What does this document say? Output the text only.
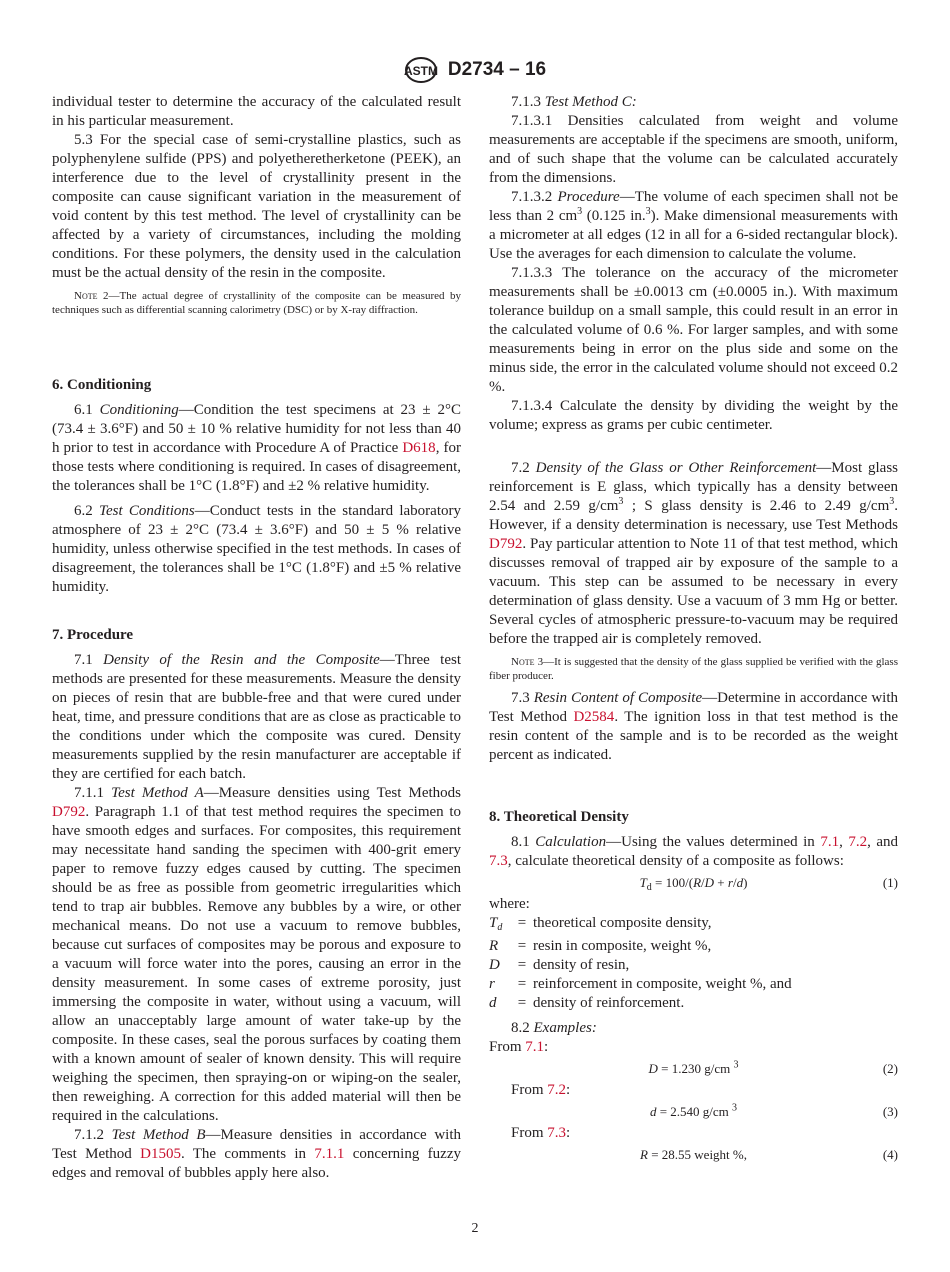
ASTM D2734 – 16

individual tester to determine the accuracy of the calculated result in his particular measurement.

5.3 For the special case of semi-crystalline plastics, such as polyphenylene sulfide (PPS) and polyetheretherketone (PEEK), an interference due to the level of crystallinity present in the composite can cause significant variation in the measurement of void content by this test method. The level of crystallinity can be affected by a variety of circumstances, including the molding conditions. For these polymers, the density used in the calculation must be the actual density of the resin in the composite.

Note 2—The actual degree of crystallinity of the composite can be measured by techniques such as differential scanning calorimetry (DSC) or by X-ray diffraction.

6. Conditioning

6.1 Conditioning—Condition the test specimens at 23 ± 2°C (73.4 ± 3.6°F) and 50 ± 10 % relative humidity for not less than 40 h prior to test in accordance with Procedure A of Practice D618, for those tests where conditioning is required. In cases of disagreement, the tolerances shall be 1°C (1.8°F) and ±2 % relative humidity.

6.2 Test Conditions—Conduct tests in the standard laboratory atmosphere of 23 ± 2°C (73.4 ± 3.6°F) and 50 ± 5 % relative humidity, unless otherwise specified in the test methods. In cases of disagreement, the tolerances shall be 1°C (1.8°F) and ±5 % relative humidity.

7. Procedure

7.1 Density of the Resin and the Composite—Three test methods are presented for these measurements. Measure the density on pieces of resin that are bubble-free and that were cured under heat, time, and pressure conditions that are as close as practicable to the conditions under which the composite was cured. Density measurements supplied by the resin manufacturer are acceptable if they are certified for each batch.

7.1.1 Test Method A—Measure densities using Test Methods D792. Paragraph 1.1 of that test method requires the specimen to have smooth edges and surfaces. For composites, this requirement may necessitate hand sanding the specimen with 400-grit emery paper to remove fuzzy edges caused by cutting. The specimen should be as free as possible from geometric irregularities which tend to trap air bubbles. Remove any bubbles by a wire, or other mechanical means. Do not use a vacuum to remove bubbles, because cut surfaces of composites may be porous and exposure to a vacuum will force water into the pores, causing an error in the density measurement. In some cases of extreme porosity, just immersing the composite in water, without using a vacuum, will allow an unacceptably large amount of water take-up by the composite. In these cases, seal the porous surfaces by coating them with a known amount of sealer of known density. This will require weighing the specimen, then spraying-on or wiping-on the sealer, then reweighing. A correction for this added material will then be required in the calculations.

7.1.2 Test Method B—Measure densities in accordance with Test Method D1505. The comments in 7.1.1 concerning fuzzy edges and removal of bubbles apply here also.

7.1.3 Test Method C:

7.1.3.1 Densities calculated from weight and volume measurements are acceptable if the specimens are smooth, uniform, and of such shape that the volume can be calculated accurately from the dimensions.

7.1.3.2 Procedure—The volume of each specimen shall not be less than 2 $cm^3$ (0.125 in.$^3$). Make dimensional measurements with a micrometer at all edges (12 in all for a 6-sided rectangular block). Use the averages for each dimension to calculate the volume.

7.1.3.3 The tolerance on the accuracy of the micrometer measurements shall be ±0.0013 cm (±0.0005 in.). With maximum tolerance buildup on a small sample, this could result in an error in the calculated volume of 0.6 %. For larger samples, and with some measurements being in error on the plus side and some on the minus side, the error in the calculated volume should not exceed 0.2 %.

7.1.3.4 Calculate the density by dividing the weight by the volume; express as grams per cubic centimeter.

7.2 Density of the Glass or Other Reinforcement—Most glass reinforcement is E glass, which typically has a density between 2.54 and 2.59 $g/cm^3$ ; S glass density is 2.46 to 2.49 $g/cm^3$. However, if a density determination is necessary, use Test Methods D792. Pay particular attention to Note 11 of that test method, which discusses removal of trapped air by exposure of the sample to a vacuum. This step can be assumed to be necessary in every determination of glass density. Use a vacuum of 3 mm Hg or better. Several cycles of atmospheric pressure-to-vacuum may be required before the trapped air is completely removed.

Note 3—It is suggested that the density of the glass supplied be verified with the glass fiber producer.

7.3 Resin Content of Composite—Determine in accordance with Test Method D2584. The ignition loss in that test method is the resin content of the sample and is to be recorded as the weight percent as indicated.

8. Theoretical Density

8.1 Calculation—Using the values determined in 7.1, 7.2, and 7.3, calculate theoretical density of a composite as follows:

$T_d = 100/(R/D + r/d)$	(1)

where:

$T_d$	=	theoretical composite density,
R	=	resin in composite, weight %,
D	=	density of resin,
r	=	reinforcement in composite, weight %, and
d	=	density of reinforcement.

8.2 Examples:

From 7.1:

D = 1.230 g/cm $^3$	(2)

From 7.2:

d = 2.540 g/cm $^3$	(3)

From 7.3:

R = 28.55 weight %,	(4)
2
